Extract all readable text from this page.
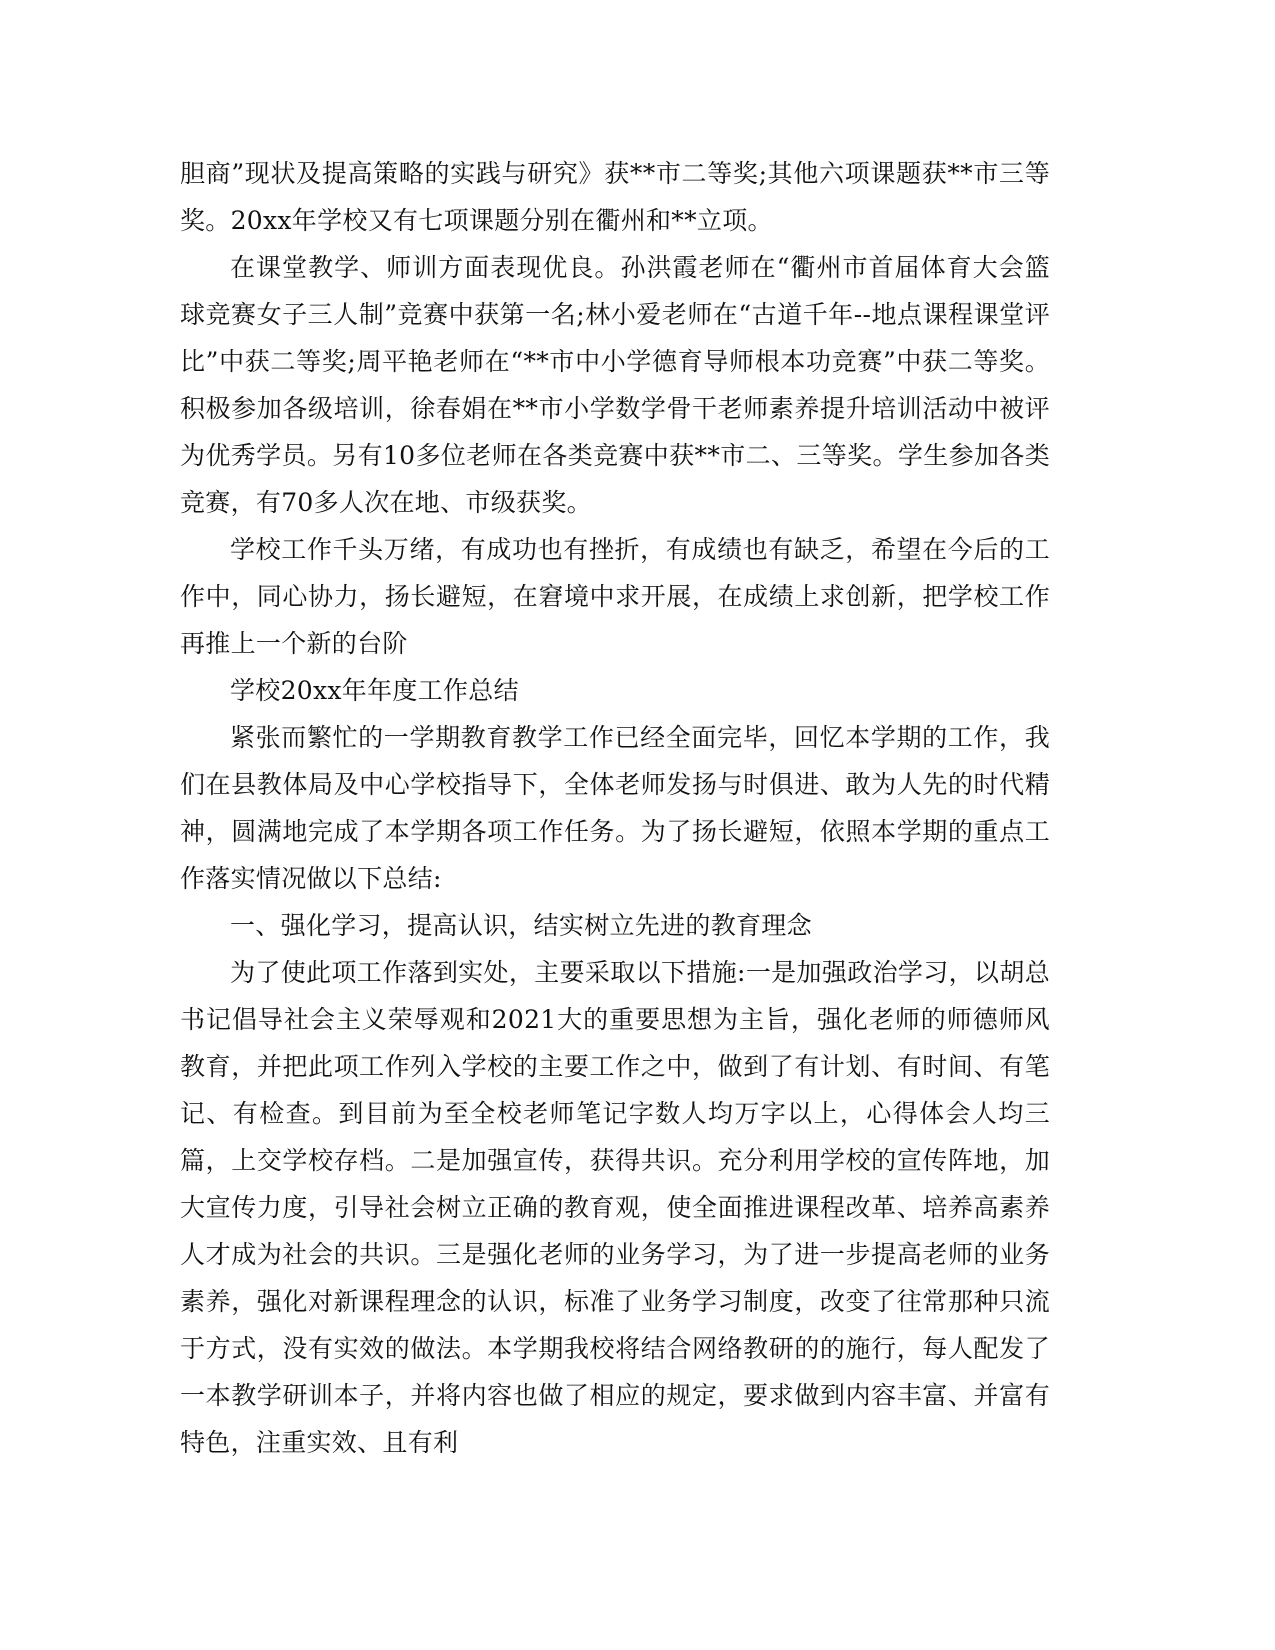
胆商”现状及提高策略的实践与研究》获**市二等奖;其他六项课题获**市三等奖。20xx年学校又有七项课题分别在衢州和**立项。

在课堂教学、师训方面表现优良。孙洪霞老师在“衢州市首届体育大会篮球竞赛女子三人制”竞赛中获第一名;林小爱老师在“古道千年--地点课程课堂评比”中获二等奖;周平艳老师在“**市中小学德育导师根本功竞赛”中获二等奖。积极参加各级培训，徐春娟在**市小学数学骨干老师素养提升培训活动中被评为优秀学员。另有10多位老师在各类竞赛中获**市二、三等奖。学生参加各类竞赛，有70多人次在地、市级获奖。

学校工作千头万绪，有成功也有挫折，有成绩也有缺乏，希望在今后的工作中，同心协力，扬长避短，在窘境中求开展，在成绩上求创新，把学校工作再推上一个新的台阶

学校20xx年年度工作总结

紧张而繁忙的一学期教育教学工作已经全面完毕，回忆本学期的工作，我们在县教体局及中心学校指导下，全体老师发扬与时俱进、敢为人先的时代精神，圆满地完成了本学期各项工作任务。为了扬长避短，依照本学期的重点工作落实情况做以下总结:

一、强化学习，提高认识，结实树立先进的教育理念

为了使此项工作落到实处，主要采取以下措施:一是加强政治学习，以胡总书记倡导社会主义荣辱观和2021大的重要思想为主旨，强化老师的师德师风教育，并把此项工作列入学校的主要工作之中，做到了有计划、有时间、有笔记、有检查。到目前为至全校老师笔记字数人均万字以上，心得体会人均三篇，上交学校存档。二是加强宣传，获得共识。充分利用学校的宣传阵地，加大宣传力度，引导社会树立正确的教育观，使全面推进课程改革、培养高素养人才成为社会的共识。三是强化老师的业务学习，为了进一步提高老师的业务素养，强化对新课程理念的认识，标准了业务学习制度，改变了往常那种只流于方式，没有实效的做法。本学期我校将结合网络教研的的施行，每人配发了一本教学研训本子，并将内容也做了相应的规定，要求做到内容丰富、并富有特色，注重实效、且有利
